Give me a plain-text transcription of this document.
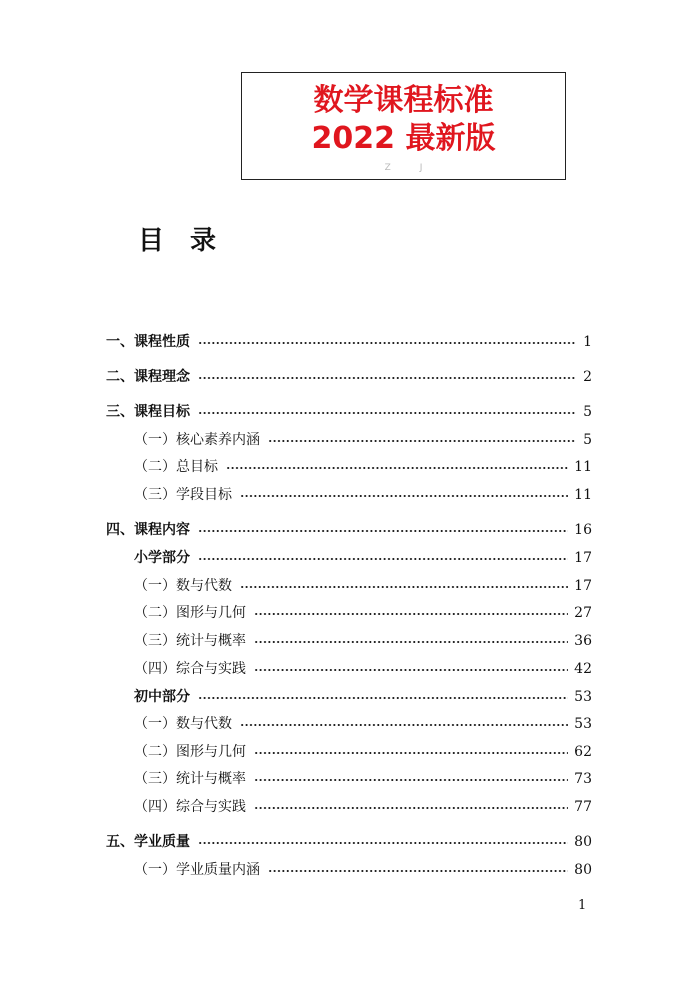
数学课程标准
2022 最新版
Z	J
目录
一、课程性质	1
二、课程理念	2
三、课程目标	5
（一）核心素养内涵	5
（二）总目标	11
（三）学段目标	11
四、课程内容	16
小学部分	17
（一）数与代数	17
（二）图形与几何	27
（三）统计与概率	36
（四）综合与实践	42
初中部分	53
（一）数与代数	53
（二）图形与几何	62
（三）统计与概率	73
（四）综合与实践	77
五、学业质量	80
（一）学业质量内涵	80
1
